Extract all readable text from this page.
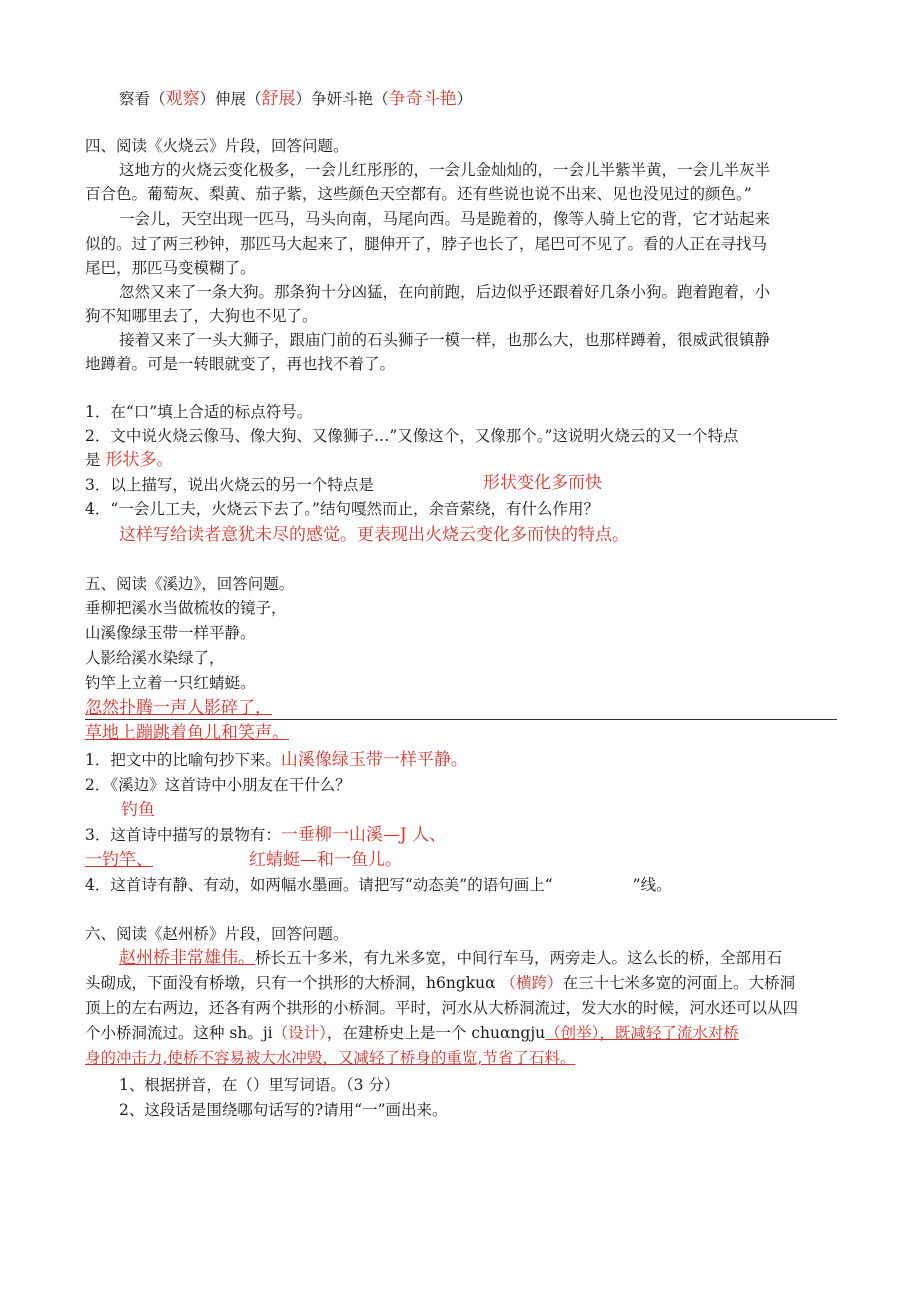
察看（观察）伸展（舒展）争妍斗艳（争奇斗艳）
四、阅读《火烧云》片段，回答问题。
这地方的火烧云变化极多，一会儿红彤彤的，一会儿金灿灿的，一会儿半紫半黄，一会儿半灰半
百合色。葡萄灰、梨黄、茄子紫，这些颜色天空都有。还有些说也说不出来、见也没见过的颜色。”
一会儿，天空出现一匹马，马头向南，马尾向西。马是跪着的，像等人骑上它的背，它才站起来
似的。过了两三秒钟，那匹马大起来了，腿伸开了，脖子也长了，尾巴可不见了。看的人正在寻找马
尾巴，那匹马变模糊了。
忽然又来了一条大狗。那条狗十分凶猛，在向前跑，后边似乎还跟着好几条小狗。跑着跑着，小
狗不知哪里去了，大狗也不见了。
接着又来了一头大狮子，跟庙门前的石头狮子一模一样，也那么大，也那样蹲着，很威武很镇静
地蹲着。可是一转眼就变了，再也找不着了。
1．在“口”填上合适的标点符号。
2．文中说火烧云像马、像大狗、又像狮子…”又像这个，又像那个。”这说明火烧云的又一个特点
是 形状多。
3．以上描写，说出火烧云的另一个特点是	形状变化多而快
4．“一会儿工夫，火烧云下去了。”结句嘎然而止，余音萦绕，有什么作用？
这样写给读者意犹未尽的感觉。更表现出火烧云变化多而快的特点。
五、阅读《溪边》，回答问题。
垂柳把溪水当做梳妆的镜子，
山溪像绿玉带一样平静。
人影给溪水染绿了，
钓竿上立着一只红蜻蜓。
忽然扑腾一声人影碎了，
草地上蹦跳着鱼儿和笑声。
1．把文中的比喻句抄下来。山溪像绿玉带一样平静。
2．《溪边》这首诗中小朋友在干什么？
钓鱼
3．这首诗中描写的景物有：一垂柳一山溪—J 人、
一钓竿、	红蜻蜓—和一鱼儿。
4．这首诗有静、有动，如两幅水墨画。请把写“动态美”的语句画上“	”线。
六、阅读《赵州桥》片段，回答问题。
赵州桥非常雄伟。桥长五十多米，有九米多宽，中间行车马，两旁走人。这么长的桥，全部用石
头砌成，下面没有桥墩，只有一个拱形的大桥洞，h6ngkuα （横跨）在三十七米多宽的河面上。大桥洞
顶上的左右两边，还各有两个拱形的小桥洞。平时，河水从大桥洞流过，发大水的时候，河水还可以从四
个小桥洞流过。这种 sh。ji（设计），在建桥史上是一个 chuαngju（创举），既减轻了流水对桥
身的冲击力,使桥不容易被大水冲毁，又减轻了桥身的重览,节省了石料。
1、根据拼音，在（）里写词语。（3 分）
2、这段话是围绕哪句话写的?请用“一”画出来。
